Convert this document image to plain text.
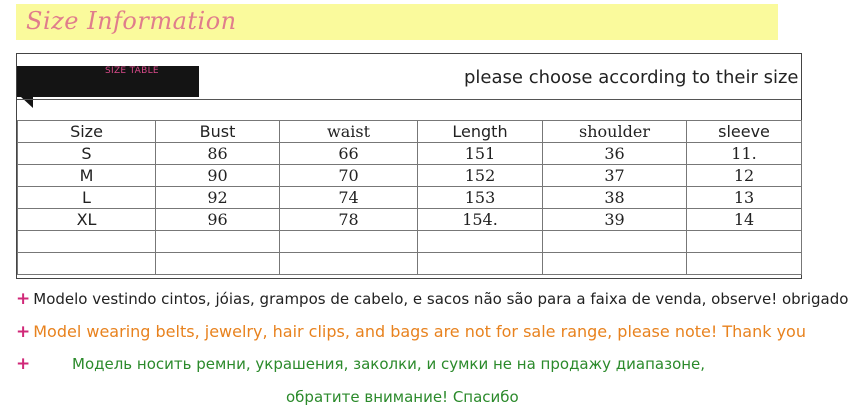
Size Information
SIZE TABLE	please choose according to their size
Size	Bust	waist	Length	shoulder	sleeve
S	86	66	151	36	11.
M	90	70	152	37	12
L	92	74	153	38	13
XL	96	78	154.	39	14

+ Modelo vestindo cintos, jóias, grampos de cabelo, e sacos não são para a faixa de venda, observe! obrigado
+ Model wearing belts, jewelry, hair clips, and bags are not for sale range, please note! Thank you
+	Модель носить ремни, украшения, заколки, и сумки не на продажу диапазоне,
обратите внимание! Спасибо
